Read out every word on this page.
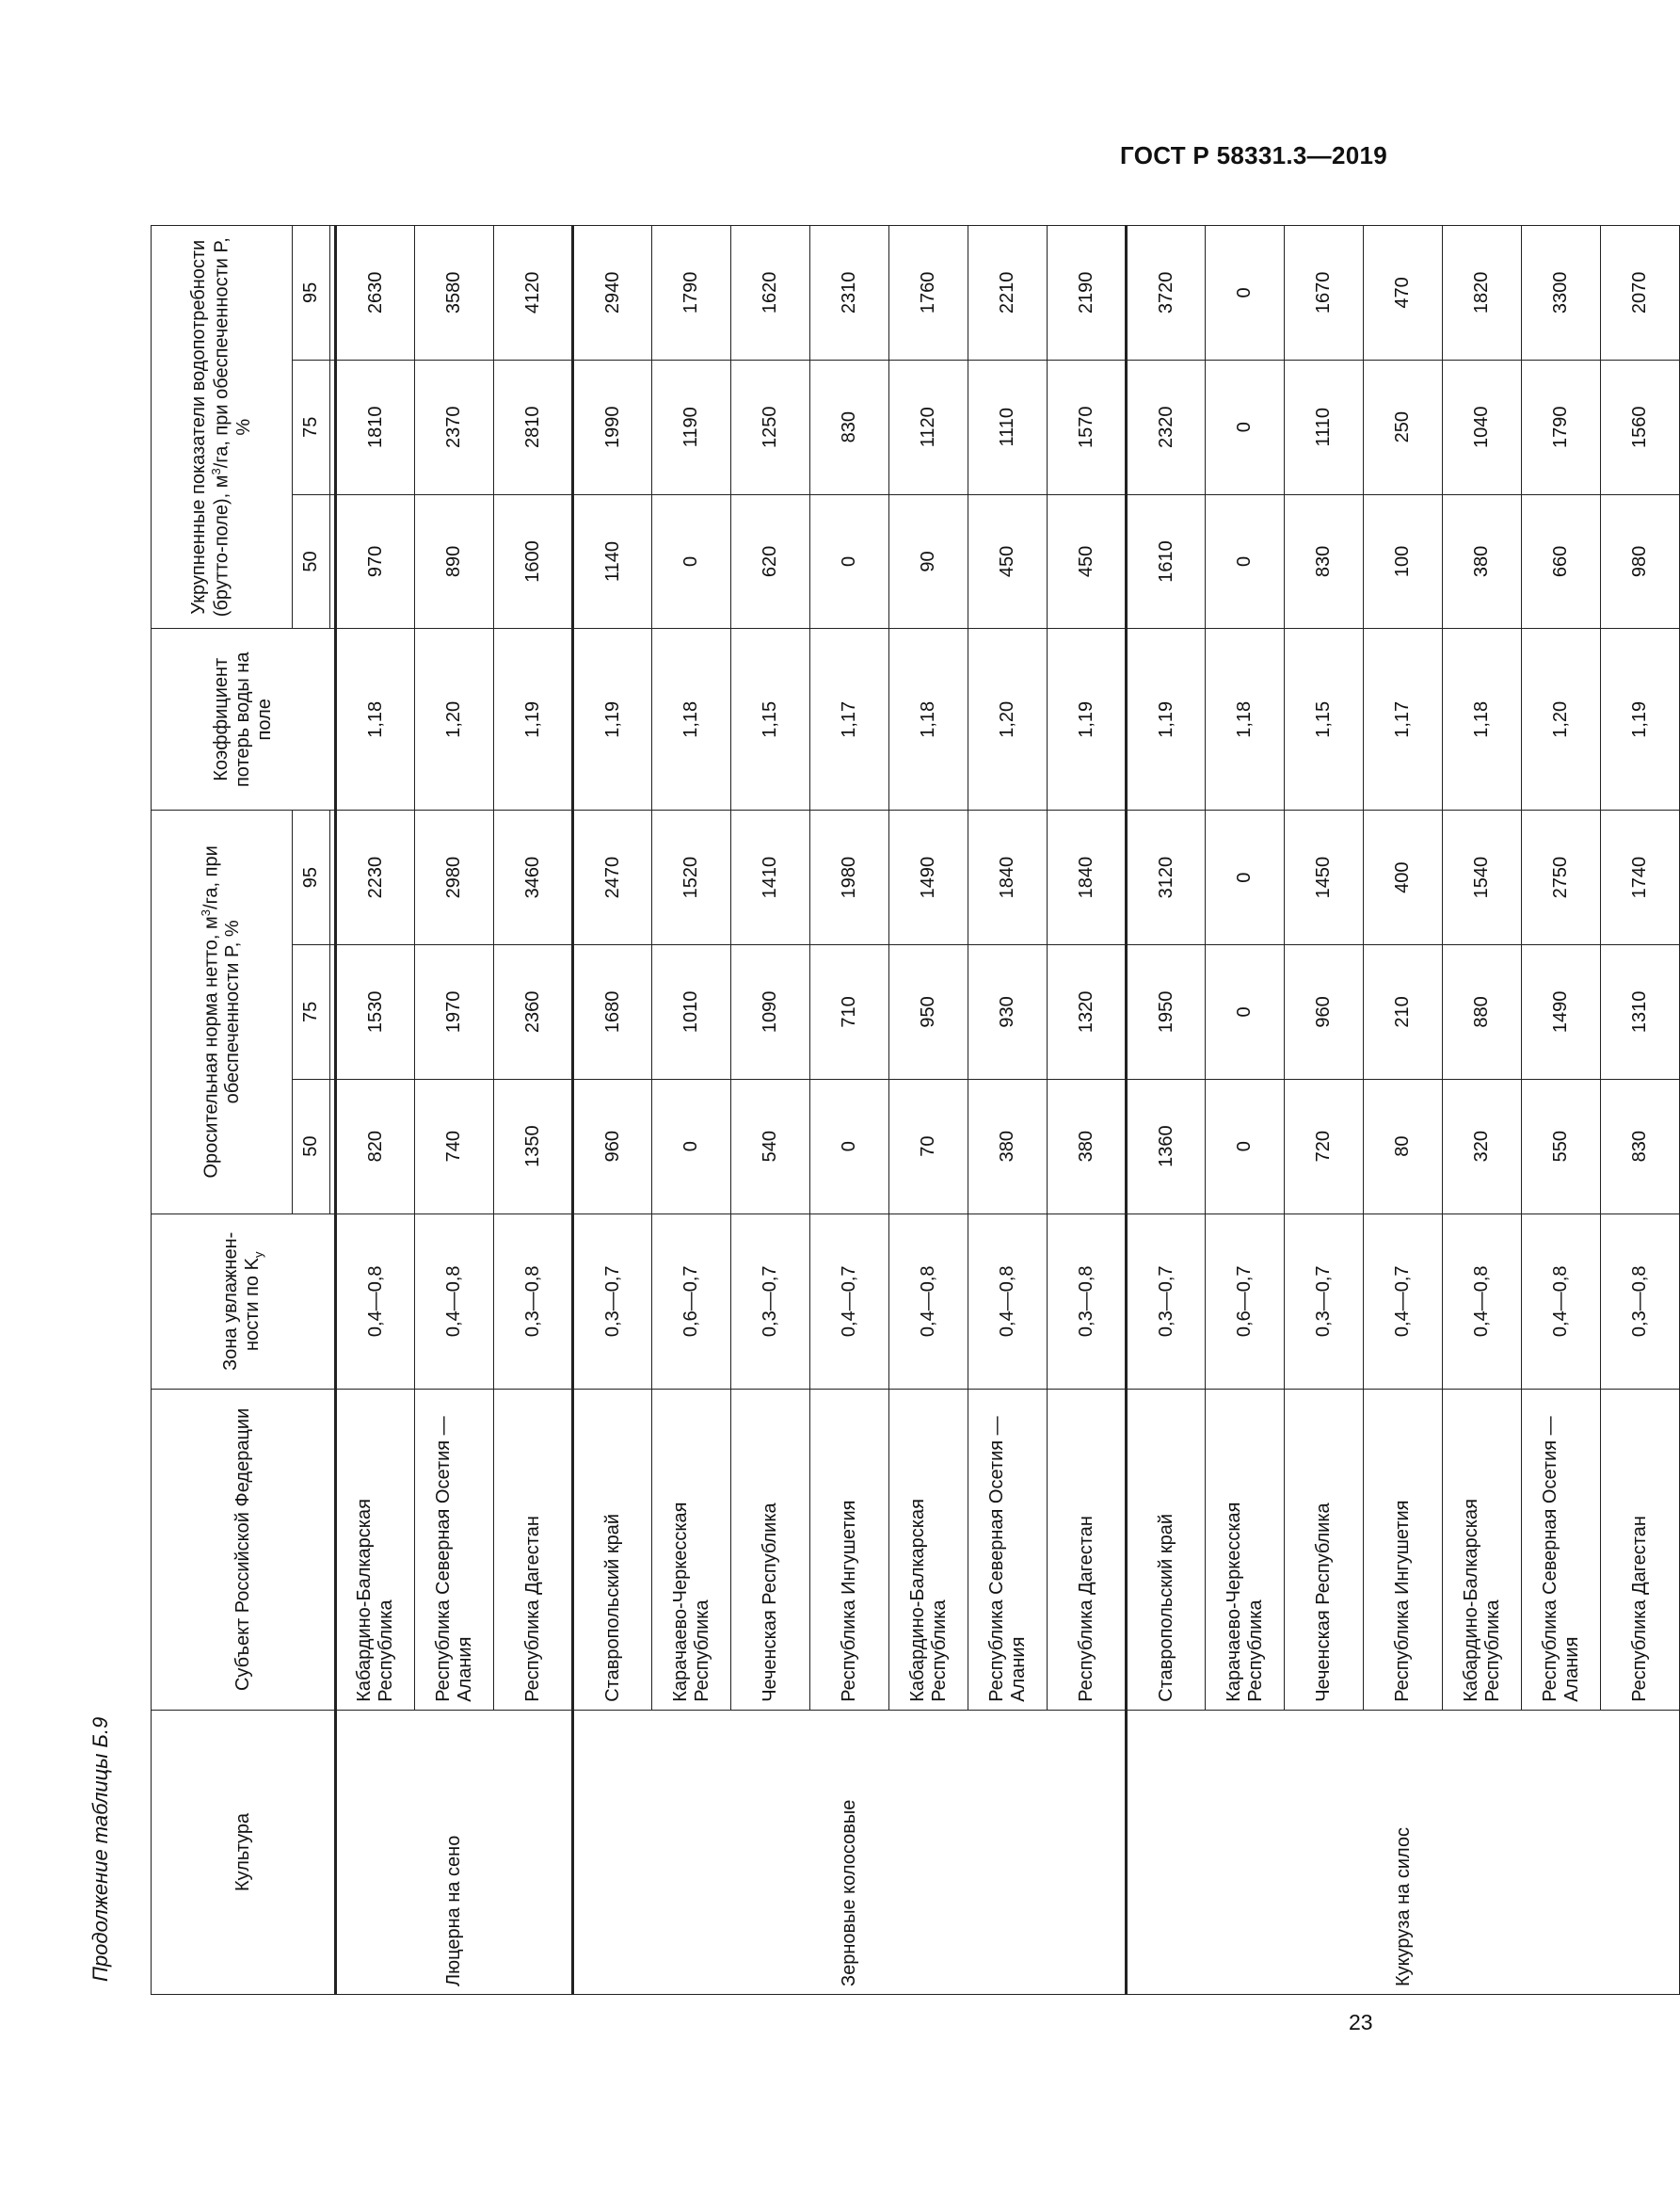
ГОСТ Р 58331.3—2019
Продолжение таблицы Б.9	Культура	Субъект Российской Федерации	Зона увлажненности по $K_у$	Оросительная норма нетто, $м^3/га$, при обеспеченности P, %			Коэффициент потерь воды на поле	Укрупненные показатели водопотребности (брутто-поле), $м^3/га$, при обеспеченности P, %		
			50	75	95		50	75	95

Люцерна на сено	Кабардино-Балкарская Республика	0,4—0,8	820	1530	2230	1,18	970	1810	2630
	Республика Северная Осетия — Алания	0,4—0,8	740	1970	2980	1,20	890	2370	3580
	Республика Дагестан	0,3—0,8	1350	2360	3460	1,19	1600	2810	4120
Зерновые колосовые	Ставропольский край	0,3—0,7	960	1680	2470	1,19	1140	1990	2940
	Карачаево-Черкесская Республика	0,6—0,7	0	1010	1520	1,18	0	1190	1790
	Чеченская Республика	0,3—0,7	540	1090	1410	1,15	620	1250	1620
	Республика Ингушетия	0,4—0,7	0	710	1980	1,17	0	830	2310
	Кабардино-Балкарская Республика	0,4—0,8	70	950	1490	1,18	90	1120	1760
	Республика Северная Осетия — Алания	0,4—0,8	380	930	1840	1,20	450	1110	2210
	Республика Дагестан	0,3—0,8	380	1320	1840	1,19	450	1570	2190
Кукуруза на силос	Ставропольский край	0,3—0,7	1360	1950	3120	1,19	1610	2320	3720
	Карачаево-Черкесская Республика	0,6—0,7	0	0	0	1,18	0	0	0
	Чеченская Республика	0,3—0,7	720	960	1450	1,15	830	1110	1670
	Республика Ингушетия	0,4—0,7	80	210	400	1,17	100	250	470
	Кабардино-Балкарская Республика	0,4—0,8	320	880	1540	1,18	380	1040	1820
	Республика Северная Осетия — Алания	0,4—0,8	550	1490	2750	1,20	660	1790	3300
	Республика Дагестан	0,3—0,8	830	1310	1740	1,19	980	1560	2070
23
